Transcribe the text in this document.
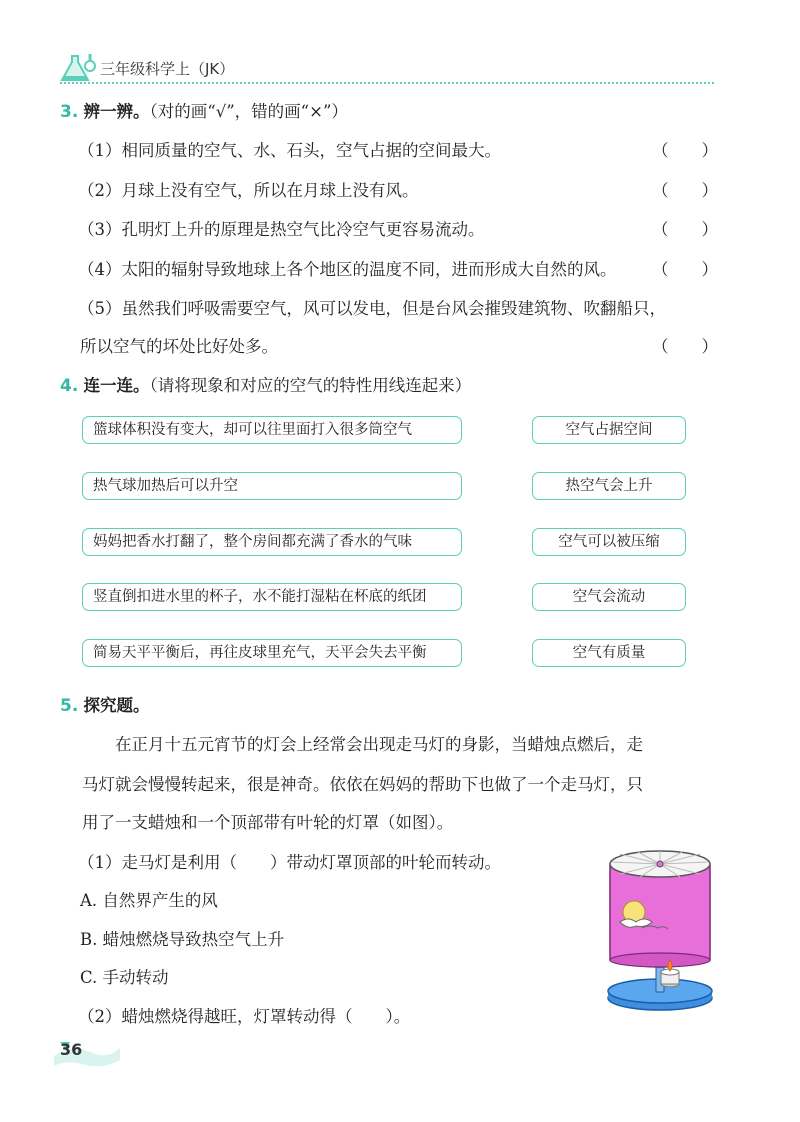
三年级科学上（JK）
3. 辨一辨。（对的画“√”，错的画“×”）
（1）相同质量的空气、水、石头，空气占据的空间最大。	（　　）
（2）月球上没有空气，所以在月球上没有风。	（　　）
（3）孔明灯上升的原理是热空气比冷空气更容易流动。	（　　）
（4）太阳的辐射导致地球上各个地区的温度不同，进而形成大自然的风。 （　　）
（5）虽然我们呼吸需要空气，风可以发电，但是台风会摧毁建筑物、吹翻船只，
所以空气的坏处比好处多。	（　　）
4. 连一连。（请将现象和对应的空气的特性用线连起来）
篮球体积没有变大，却可以往里面打入很多筒空气	空气占据空间
热气球加热后可以升空	热空气会上升
妈妈把香水打翻了，整个房间都充满了香水的气味	空气可以被压缩
竖直倒扣进水里的杯子，水不能打湿粘在杯底的纸团	空气会流动
简易天平平衡后，再往皮球里充气，天平会失去平衡	空气有质量
5. 探究题。
在正月十五元宵节的灯会上经常会出现走马灯的身影，当蜡烛点燃后，走
马灯就会慢慢转起来，很是神奇。依依在妈妈的帮助下也做了一个走马灯，只
用了一支蜡烛和一个顶部带有叶轮的灯罩（如图）。
（1）走马灯是利用（　　）带动灯罩顶部的叶轮而转动。
A. 自然界产生的风
B. 蜡烛燃烧导致热空气上升
C. 手动转动
（2）蜡烛燃烧得越旺，灯罩转动得（　　）。
36
